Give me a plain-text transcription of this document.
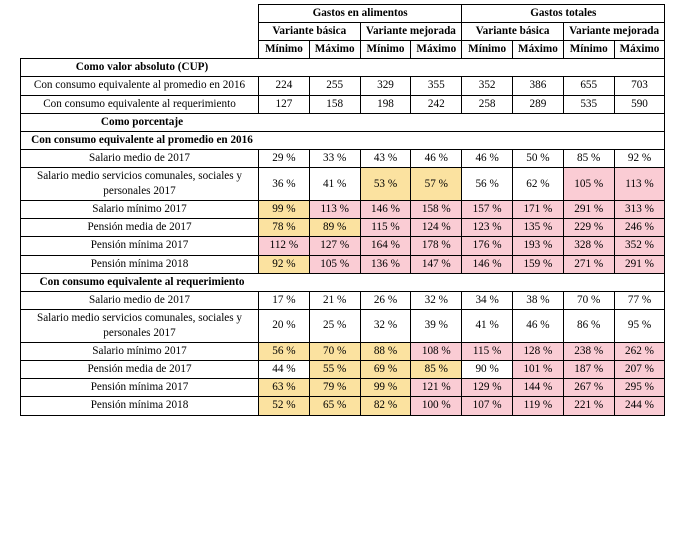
	Gastos en alimentos				Gastos totales			
	Variante básica		Variante mejorada		Variante básica		Variante mejorada	
	Mínimo	Máximo	Mínimo	Máximo	Mínimo	Máximo	Mínimo	Máximo

Como valor absoluto (CUP)								

Con consumo equivalente al promedio en 2016	224	255	329	355	352	386	655	703
Con consumo equivalente al requerimiento	127	158	198	242	258	289	535	590

Como porcentaje								

Con consumo equivalente al promedio en 2016								

Salario medio de 2017	29 %	33 %	43 %	46 %	46 %	50 %	85 %	92 %
Salario medio servicios comunales, sociales y personales 2017	36 %	41 %	53 %	57 %	56 %	62 %	105 %	113 %
Salario mínimo 2017	99 %	113 %	146 %	158 %	157 %	171 %	291 %	313 %
Pensión media de 2017	78 %	89 %	115 %	124 %	123 %	135 %	229 %	246 %
Pensión mínima 2017	112 %	127 %	164 %	178 %	176 %	193 %	328 %	352 %
Pensión mínima 2018	92 %	105 %	136 %	147 %	146 %	159 %	271 %	291 %

Con consumo equivalente al requerimiento								

Salario medio de 2017	17 %	21 %	26 %	32 %	34 %	38 %	70 %	77 %
Salario medio servicios comunales, sociales y personales 2017	20 %	25 %	32 %	39 %	41 %	46 %	86 %	95 %
Salario mínimo 2017	56 %	70 %	88 %	108 %	115 %	128 %	238 %	262 %
Pensión media de 2017	44 %	55 %	69 %	85 %	90 %	101 %	187 %	207 %
Pensión mínima 2017	63 %	79 %	99 %	121 %	129 %	144 %	267 %	295 %
Pensión mínima 2018	52 %	65 %	82 %	100 %	107 %	119 %	221 %	244 %
